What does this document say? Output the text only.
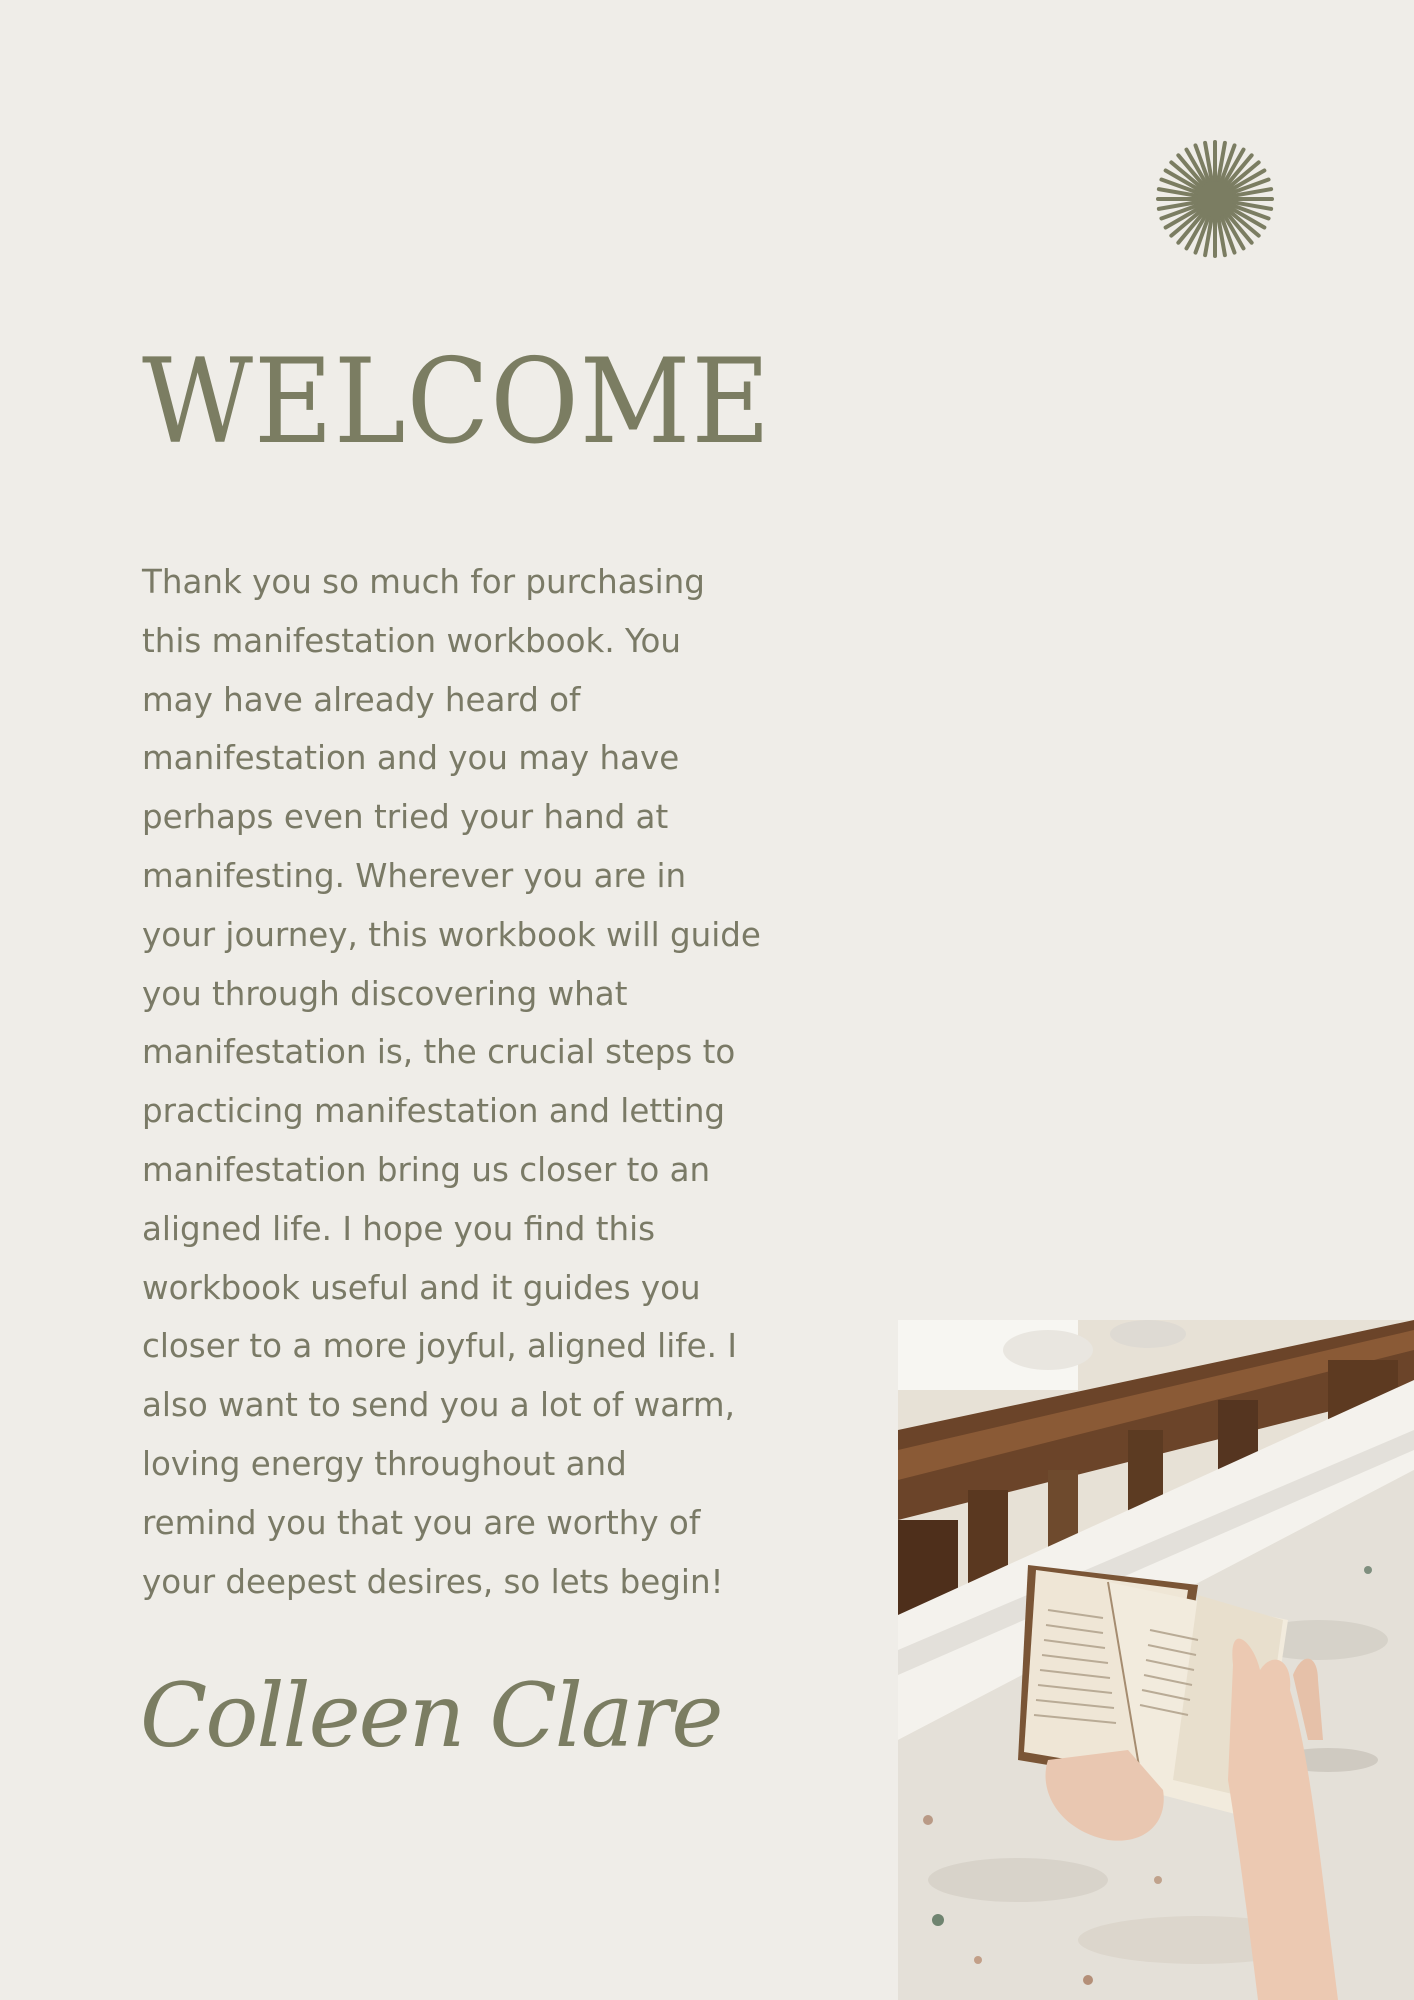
WELCOME

Thank you so much for purchasing
this manifestation workbook. You
may have already heard of
manifestation and you may have
perhaps even tried your hand at
manifesting. Wherever you are in
your journey, this workbook will guide
you through discovering what
manifestation is, the crucial steps to
practicing manifestation and letting
manifestation bring us closer to an
aligned life. I hope you find this
workbook useful and it guides you
closer to a more joyful, aligned life. I
also want to send you a lot of warm,
loving energy throughout and
remind you that you are worthy of
your deepest desires, so lets begin!

Colleen Clare
